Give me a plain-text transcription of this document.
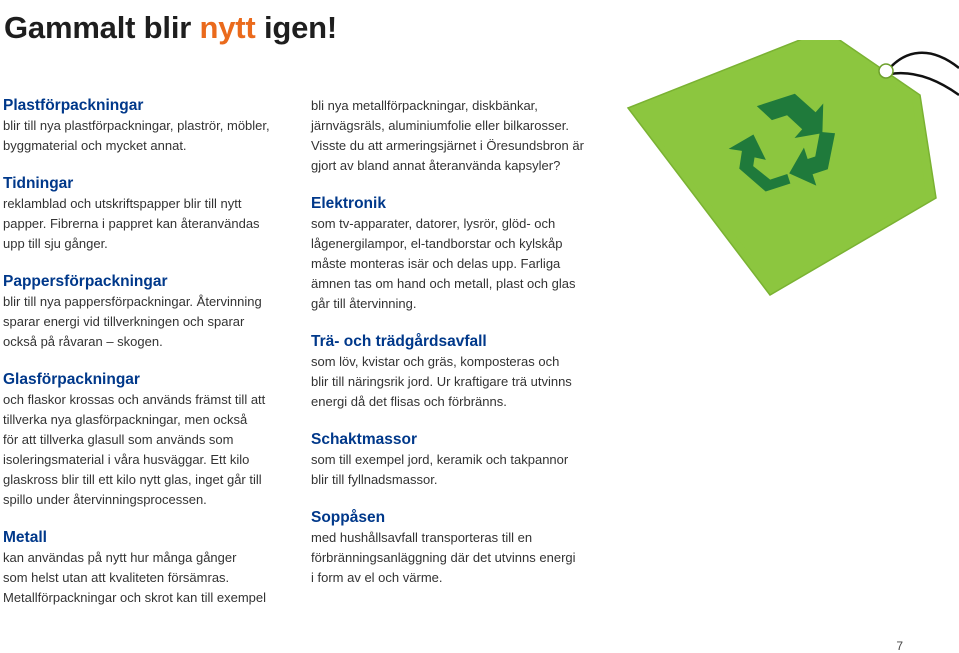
Gammalt blir nytt igen!
Plastförpackningar

blir till nya plastförpackningar, plaströr, möbler,

byggmaterial och mycket annat.

Tidningar

reklamblad och utskriftspapper blir till nytt

papper. Fibrerna i pappret kan återanvändas

upp till sju gånger.

Pappersförpackningar

blir till nya pappersförpackningar. Återvinning

sparar energi vid tillverkningen och sparar

också på råvaran – skogen.

Glasförpackningar

och flaskor krossas och används främst till att

tillverka nya glasförpackningar, men också

för att tillverka glasull som används som

isoleringsmaterial i våra husväggar. Ett kilo

glaskross blir till ett kilo nytt glas, inget går till

spillo under återvinningsprocessen.

Metall

kan användas på nytt hur många gånger

som helst utan att kvaliteten försämras.

Metallförpackningar och skrot kan till exempel

bli nya metallförpackningar, diskbänkar,

järnvägsräls, aluminiumfolie eller bilkarosser.

Visste du att armeringsjärnet i Öresundsbron är

gjort av bland annat återanvända kapsyler?

Elektronik

som tv-apparater, datorer, lysrör, glöd- och

lågenergilampor, el-tandborstar och kylskåp

måste monteras isär och delas upp. Farliga

ämnen tas om hand och metall, plast och glas

går till återvinning.

Trä- och trädgårdsavfall

som löv, kvistar och gräs, komposteras och

blir till näringsrik jord. Ur kraftigare trä utvinns

energi då det flisas och förbränns.

Schaktmassor

som till exempel jord, keramik och takpannor

blir till fyllnadsmassor.

Soppåsen

med hushållsavfall transporteras till en

förbränningsanläggning där det utvinns energi

i form av el och värme.

7
